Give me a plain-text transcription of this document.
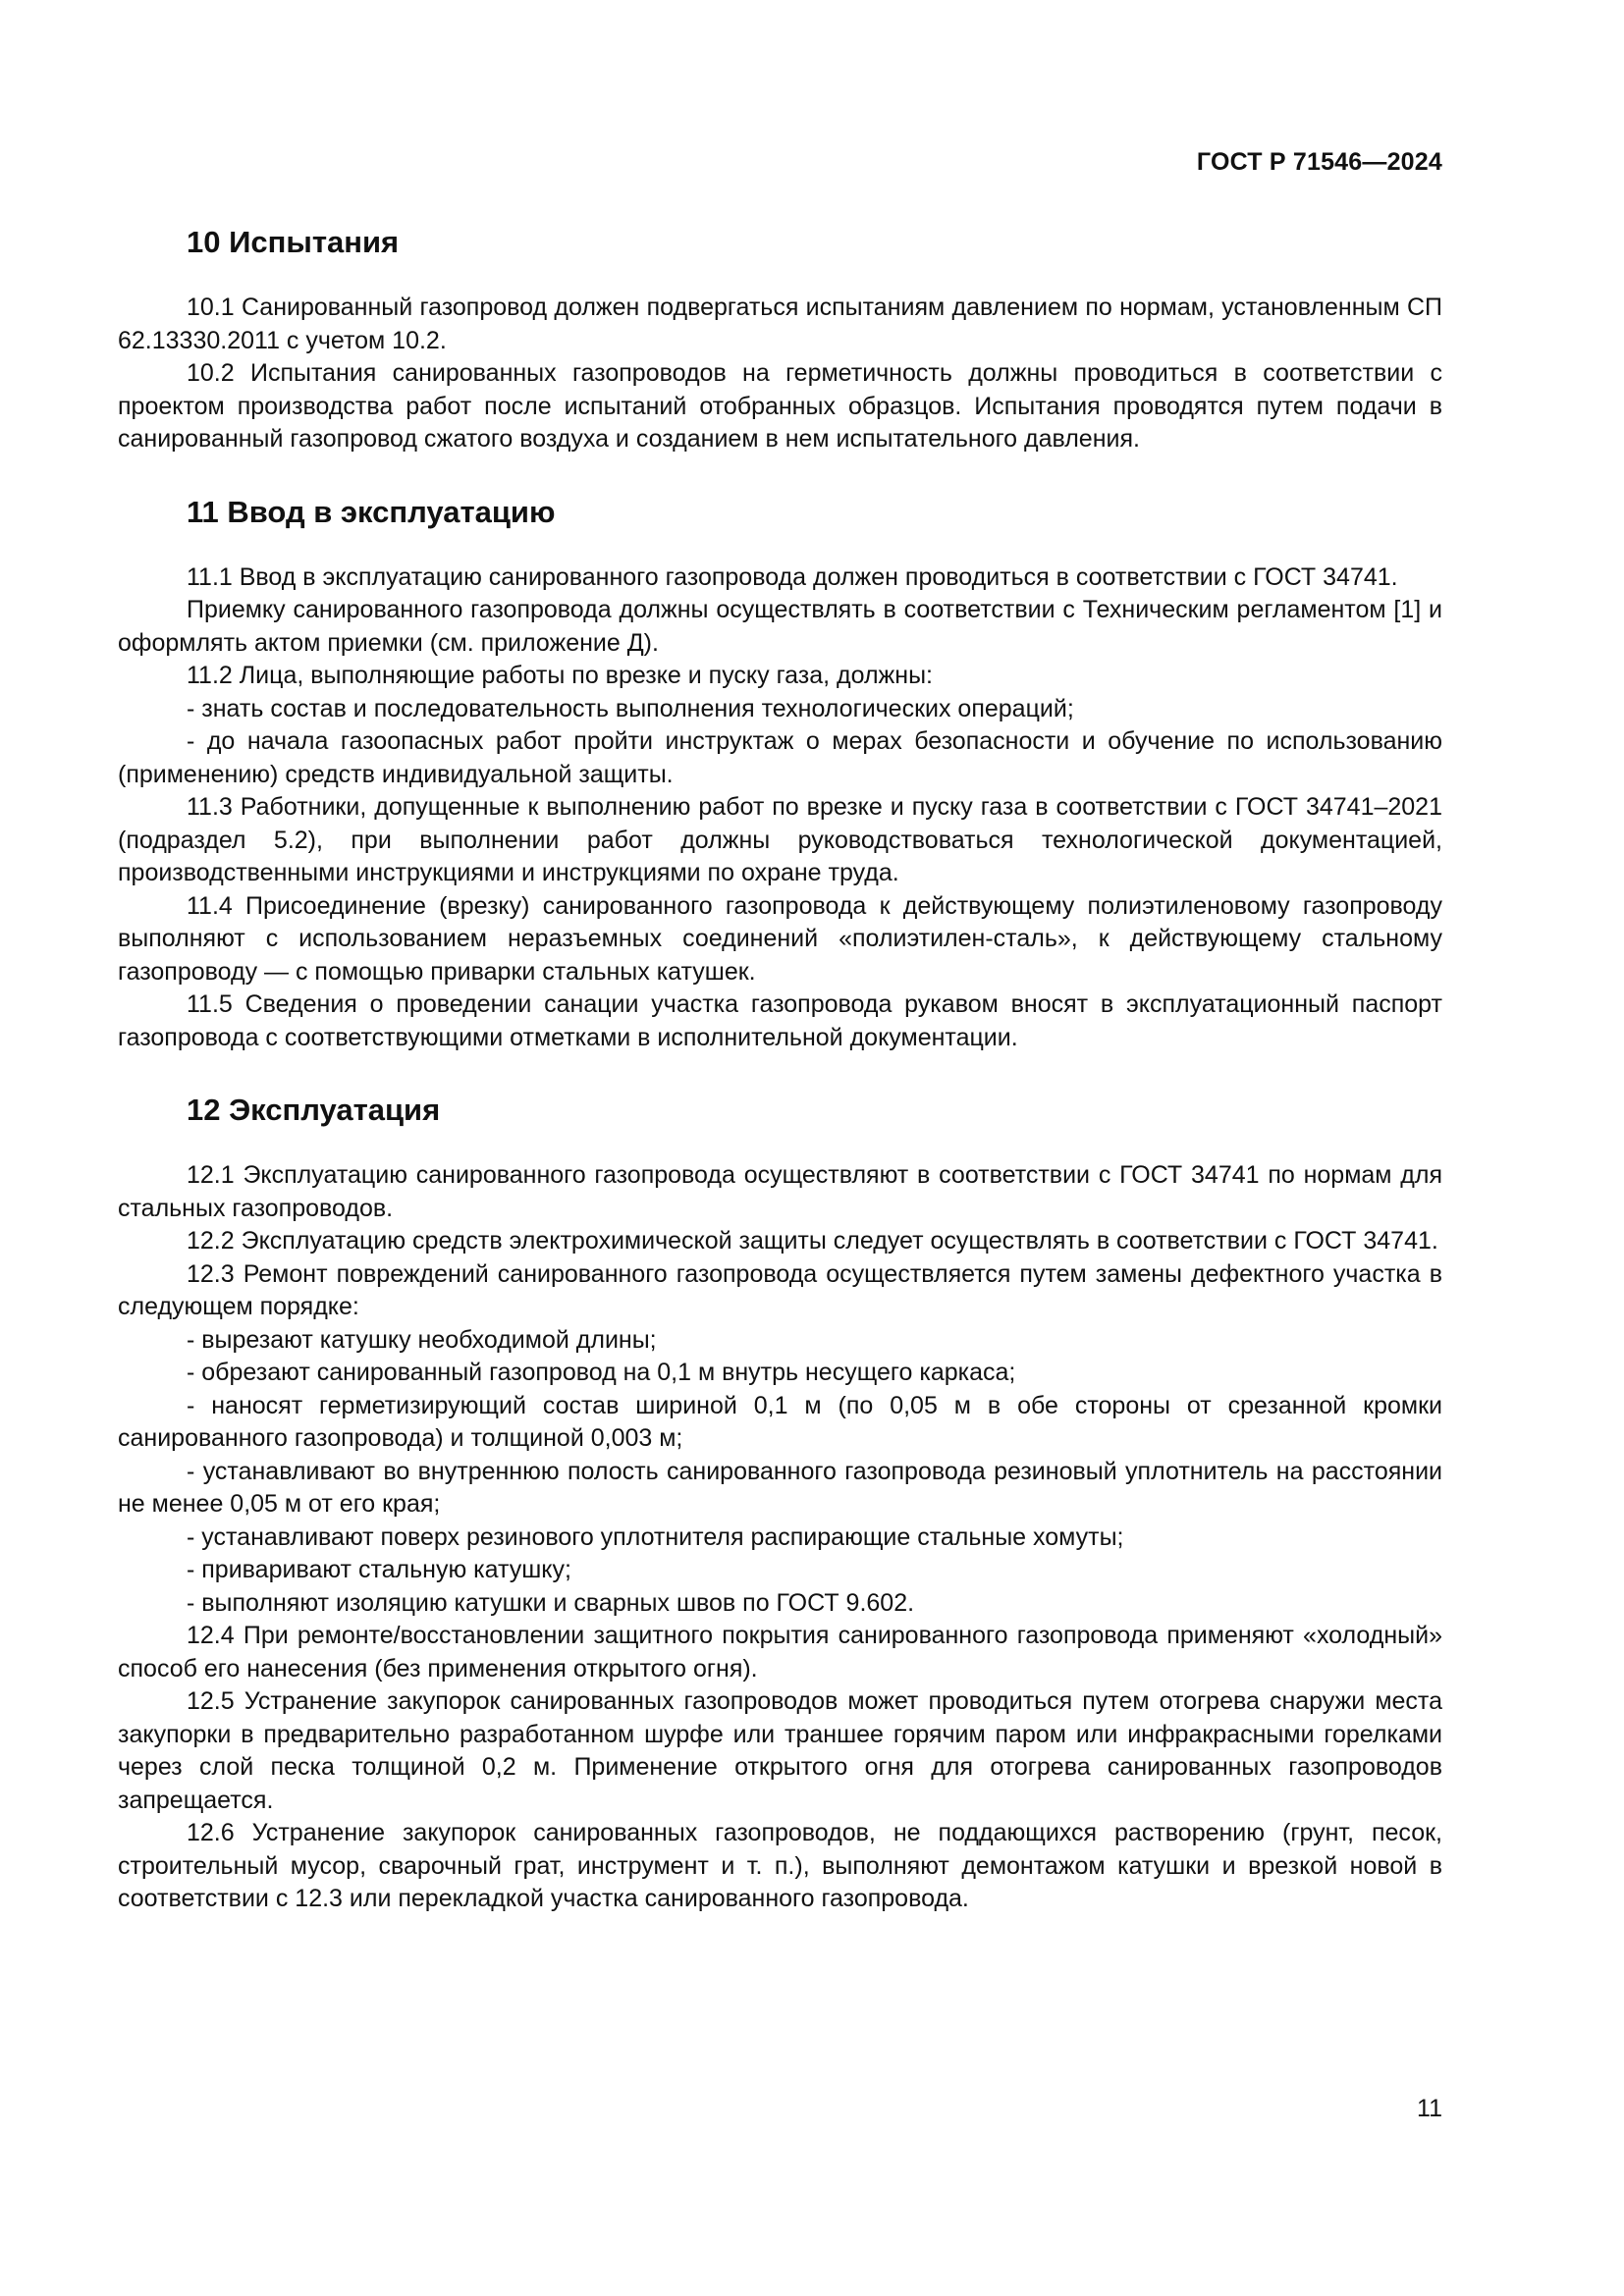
ГОСТ Р 71546—2024
10 Испытания

10.1 Санированный газопровод должен подвергаться испытаниям давлением по нормам, установленным СП 62.13330.2011 с учетом 10.2.

10.2 Испытания санированных газопроводов на герметичность должны проводиться в соответствии с проектом производства работ после испытаний отобранных образцов. Испытания проводятся путем подачи в санированный газопровод сжатого воздуха и созданием в нем испытательного давления.

11 Ввод в эксплуатацию

11.1 Ввод в эксплуатацию санированного газопровода должен проводиться в соответствии с ГОСТ 34741.

Приемку санированного газопровода должны осуществлять в соответствии с Техническим регламентом [1] и оформлять актом приемки (см. приложение Д).

11.2 Лица, выполняющие работы по врезке и пуску газа, должны:

- знать состав и последовательность выполнения технологических операций;

- до начала газоопасных работ пройти инструктаж о мерах безопасности и обучение по использованию (применению) средств индивидуальной защиты.

11.3 Работники, допущенные к выполнению работ по врезке и пуску газа в соответствии с ГОСТ 34741–2021 (подраздел 5.2), при выполнении работ должны руководствоваться технологической документацией, производственными инструкциями и инструкциями по охране труда.

11.4 Присоединение (врезку) санированного газопровода к действующему полиэтиленовому газопроводу выполняют с использованием неразъемных соединений «полиэтилен-сталь», к действующему стальному газопроводу — с помощью приварки стальных катушек.

11.5 Сведения о проведении санации участка газопровода рукавом вносят в эксплуатационный паспорт газопровода с соответствующими отметками в исполнительной документации.

12 Эксплуатация

12.1 Эксплуатацию санированного газопровода осуществляют в соответствии с ГОСТ 34741 по нормам для стальных газопроводов.

12.2 Эксплуатацию средств электрохимической защиты следует осуществлять в соответствии с ГОСТ 34741.

12.3 Ремонт повреждений санированного газопровода осуществляется путем замены дефектного участка в следующем порядке:

- вырезают катушку необходимой длины;

- обрезают санированный газопровод на 0,1 м внутрь несущего каркаса;

- наносят герметизирующий состав шириной 0,1 м (по 0,05 м в обе стороны от срезанной кромки санированного газопровода) и толщиной 0,003 м;

- устанавливают во внутреннюю полость санированного газопровода резиновый уплотнитель на расстоянии не менее 0,05 м от его края;

- устанавливают поверх резинового уплотнителя распирающие стальные хомуты;

- приваривают стальную катушку;

- выполняют изоляцию катушки и сварных швов по ГОСТ 9.602.

12.4 При ремонте/восстановлении защитного покрытия санированного газопровода применяют «холодный» способ его нанесения (без применения открытого огня).

12.5 Устранение закупорок санированных газопроводов может проводиться путем отогрева снаружи места закупорки в предварительно разработанном шурфе или траншее горячим паром или инфракрасными горелками через слой песка толщиной 0,2 м. Применение открытого огня для отогрева санированных газопроводов запрещается.

12.6 Устранение закупорок санированных газопроводов, не поддающихся растворению (грунт, песок, строительный мусор, сварочный грат, инструмент и т. п.), выполняют демонтажом катушки и врезкой новой в соответствии с 12.3 или перекладкой участка санированного газопровода.

11
